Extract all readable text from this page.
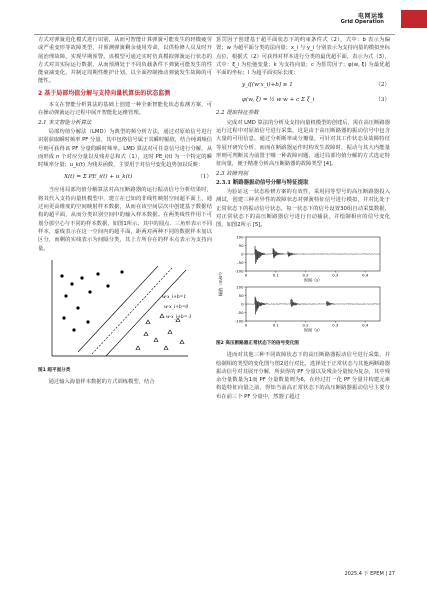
电网运维
Grid Operation

方式对弹簧进化模式进行识别，从而可智能计算弹簧可能发生的轻微疲劳或严重变形等故障类型，并预测弹簧剩余使用寿命，以供检修人员及时开展治理故障，实现早期预警。该模型可通过实时仿真模拟弹簧运行状态的方式对其实际运行数据，从而预测处于不同负载条件下弹簧可能发生的性能衰减变化，并制定周期性维护计划，以全面控制操动弹簧发生故障的可能性。

2 基于局部均值分解与支持向量机算法的状态监测

本文在智能分析算法的基础上创建一种全新智能化状态监测方案，可在操动弹簧运行过程中展开智能化运维管理。

2.1 本文智能分析算法

局部均值分解法（LMD）为典型的频分析方法，通过对原始信号进行识别获取瞬时频率 PF 分量，其中包络信号属于其瞬时幅值，结合纯调频信号则可获得该 PF 分量的瞬时频率。LMD 算法对可任意信号进行分解，从而形成 n 个对应分量以及残差总和式（1），这时 PE_i(t) 为一个特定的瞬时频率分量；u_k(t) 为残差函数，主要用于对信号变化趋势加以反映：

X(t) = Σ PE_i(t) + u_k(t)	（1）

当应用局部均值分解算法对高压断路器的运行振动信号分析结果时，将其代入支持向量机模型中，建立在已知的非线性映射空间超平面上，通过向更高维度的空间映射样本数据，从而在该空间层次中创建基于数据结构的超平面，从而分类识别空间中的输入样本数据。在两类线性作用下可划分那空心与不同的样本数据，如图1所示。其中的圆点、三角形表示不同样本，虚线表示在这一空间内的超平面，距两对两种不同的数据样本加以区分，而剩的实线表示为间隔分类，其上方所存在的样本点表示为支持向量。

w·x_i+b=1
w·x_i+b=0
w·x_i+b=-1
图1 超平面分类

通过输入海量样本数据的方式训练模型，结合

惩罚因子创建基于超平面状态下的约束条件式（2），式中：b 表示为偏置；w 为超平面分类的法向量；x_i 与 y_i 分别表示为支持向量的模拟坐标点位，根据式（2）可获得对样本进行分类的最优超平面，表示为式（3），式中：ξ_i 为松弛变量；k 为支持向量；c 为惩罚因子；φ(w, ξ) 为最优超平面的坐标；l 为超平面实际长度：

y_i[(w·x_i)+b] ≥ 1	（2）
φ(w, ξ) = ½ w·w + c Σ ξ_i	（3）
2.2 提取特征参数

完成对 LMD 算法的分析及支持向量机模型的创建后，需在高压断路器运行过程中对原始信号进行采集，这是由于高压断路器的振动信号中包含大量的可用信息，通过分析断率或分瓣量，可针对其工作状态及故障特征等展开研究分析，而而在断路器运作时构发生故障时，振动与其大内能量形则可判断其为前置于哪一种故障问题，通过局部均值分解的方式选定特征向量，便于精准分析高压断路器的故障类型 [4]。

2.3 故障判别
2.3.1 断路器振动信号分解与特征提取

为验证这一状态检修方案的有效性，采用同等型号的高压断路器投入测试，创建三种差异性的故障状态对弹簧特征信号进行模拟，并对比处于正常状态下的振动信号状态，每一状态下的信号设置30组自动采集数据，对正常状态下的高压断路器信号进行自动捕获，并绘制相应的信号变化图，如图2所示 [5]。

幅值（m/s²）
100
50
0
-50
-100
0	0.1	0.2	0.3	0.4
时间（s）
100
50
0
-50
-100
0	0.1	0.2	0.3	0.4
时间（s）
图2 高压断路器正常状态下的信号变化图

进而对其他三种不同故障状态下的高压断路器振动信号进行采集，并绘制相的类型的变化图与图2进行对比，选择处于正常状态与其他两断路器振动信号对其展开分解，所获得的 PF 分量以及残余分量较为复杂，其中残余分量数量为1而 PF 分量数量则为6，在经过打一化 PF 分量并构建元素构造特征向量之前，得知当前高正常状态下的高压断路器振动信号主要分布在前三个 PF 分量中，然器了超过

2025.4 下 EPEM | 27
